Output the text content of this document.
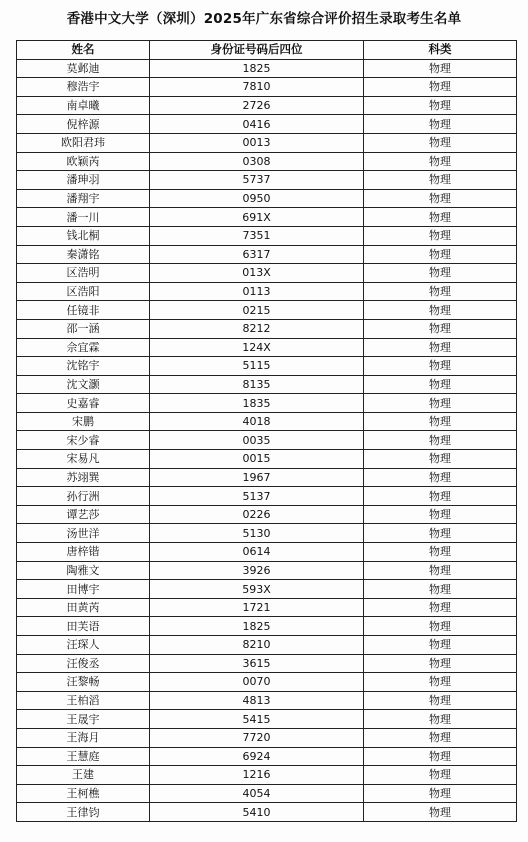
香港中文大学（深圳）2025年广东省综合评价招生录取考生名单
姓名	身份证号码后四位	科类
莫邺迪	1825	物理
穆浩宇	7810	物理
南卓曦	2726	物理
倪梓源	0416	物理
欧阳君玮	0013	物理
欧颖芮	0308	物理
潘珅羽	5737	物理
潘翔宇	0950	物理
潘一川	691X	物理
钱北桐	7351	物理
秦潇铭	6317	物理
区浩明	013X	物理
区浩阳	0113	物理
任镜非	0215	物理
邵一涵	8212	物理
佘宜霖	124X	物理
沈铭宇	5115	物理
沈文灏	8135	物理
史嘉睿	1835	物理
宋鹏	4018	物理
宋少睿	0035	物理
宋易凡	0015	物理
苏翊巽	1967	物理
孙行洲	5137	物理
谭艺莎	0226	物理
汤世洋	5130	物理
唐梓锴	0614	物理
陶雅文	3926	物理
田博宇	593X	物理
田黄芮	1721	物理
田芙语	1825	物理
汪琛人	8210	物理
汪俊丞	3615	物理
汪黎畅	0070	物理
王柏滔	4813	物理
王晟宇	5415	物理
王海月	7720	物理
王慧庭	6924	物理
王建	1216	物理
王柯樵	4054	物理
王律钧	5410	物理
